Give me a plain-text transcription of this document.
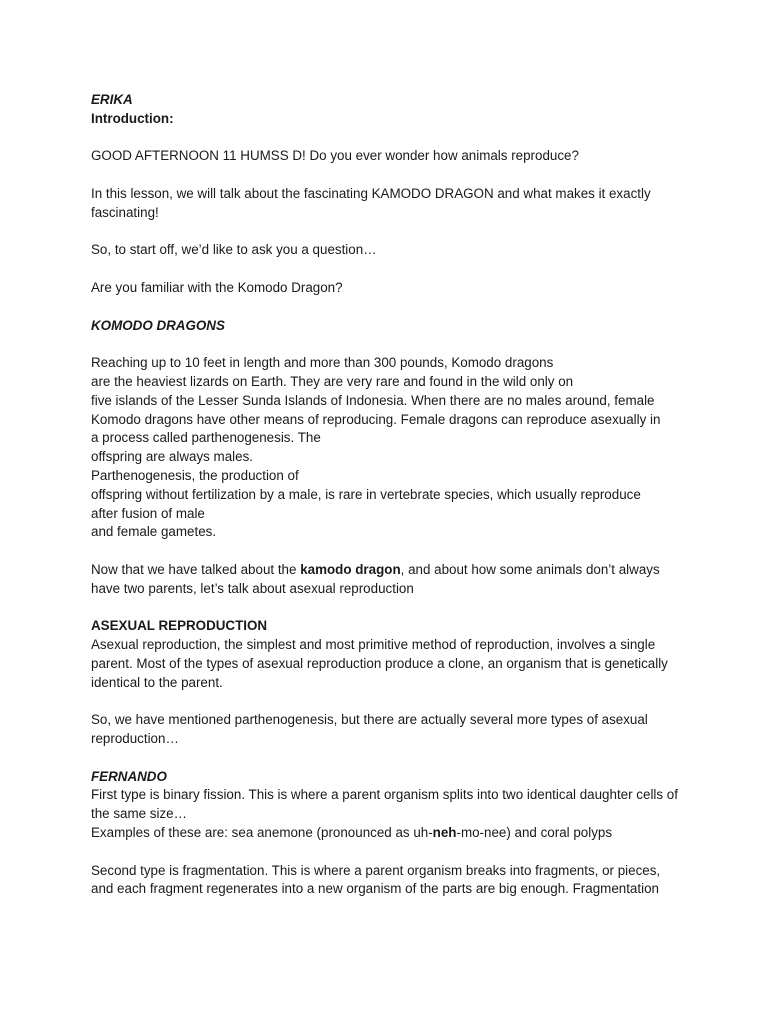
ERIKA
Introduction:
GOOD AFTERNOON 11 HUMSS D! Do you ever wonder how animals reproduce?
In this lesson, we will talk about the fascinating KAMODO DRAGON and what makes it exactly fascinating!
So, to start off, we’d like to ask you a question…
Are you familiar with the Komodo Dragon?
KOMODO DRAGONS
Reaching up to 10 feet in length and more than 300 pounds, Komodo dragons
are the heaviest lizards on Earth. They are very rare and found in the wild only on
five islands of the Lesser Sunda Islands of Indonesia. When there are no males around, female
Komodo dragons have other means of reproducing. Female dragons can reproduce asexually in
a process called parthenogenesis. The
offspring are always males.
Parthenogenesis, the production of
offspring without fertilization by a male, is rare in vertebrate species, which usually reproduce
after fusion of male
and female gametes.
Now that we have talked about the kamodo dragon, and about how some animals don’t always have two parents, let’s talk about asexual reproduction
ASEXUAL REPRODUCTION
Asexual reproduction, the simplest and most primitive method of reproduction, involves a single parent. Most of the types of asexual reproduction produce a clone, an organism that is genetically identical to the parent.
So, we have mentioned parthenogenesis, but there are actually several more types of asexual reproduction…
FERNANDO
First type is binary fission. This is where a parent organism splits into two identical daughter cells of the same size…
Examples of these are: sea anemone (pronounced as uh-neh-mo-nee) and coral polyps
Second type is fragmentation. This is where a parent organism breaks into fragments, or pieces, and each fragment regenerates into a new organism of the parts are big enough. Fragmentation
